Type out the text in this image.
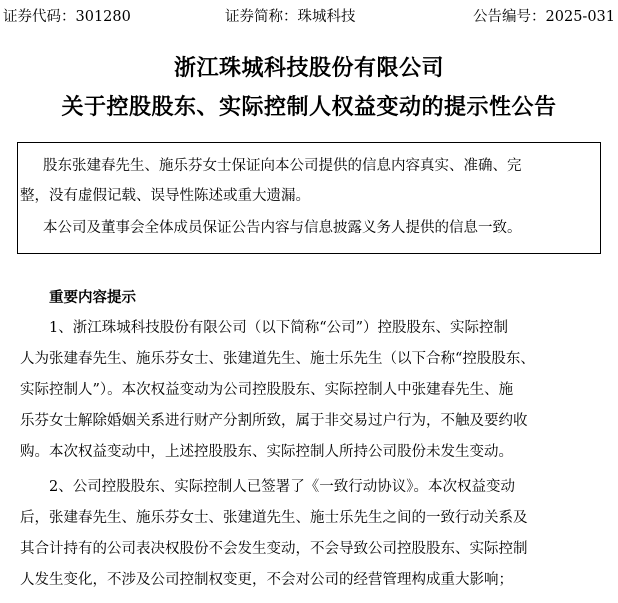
证券代码：301280	证券简称：珠城科技	公告编号：2025-031
浙江珠城科技股份有限公司
关于控股股东、实际控制人权益变动的提示性公告
股东张建春先生、施乐芬女士保证向本公司提供的信息内容真实、准确、完
整，没有虚假记载、误导性陈述或重大遗漏。
本公司及董事会全体成员保证公告内容与信息披露义务人提供的信息一致。
重要内容提示
1、浙江珠城科技股份有限公司（以下简称“公司”）控股股东、实际控制
人为张建春先生、施乐芬女士、张建道先生、施士乐先生（以下合称“控股股东、
实际控制人”）。本次权益变动为公司控股股东、实际控制人中张建春先生、施
乐芬女士解除婚姻关系进行财产分割所致，属于非交易过户行为，不触及要约收
购。本次权益变动中，上述控股股东、实际控制人所持公司股份未发生变动。
2、公司控股股东、实际控制人已签署了《一致行动协议》。本次权益变动
后，张建春先生、施乐芬女士、张建道先生、施士乐先生之间的一致行动关系及
其合计持有的公司表决权股份不会发生变动，不会导致公司控股股东、实际控制
人发生变化，不涉及公司控制权变更，不会对公司的经营管理构成重大影响；
